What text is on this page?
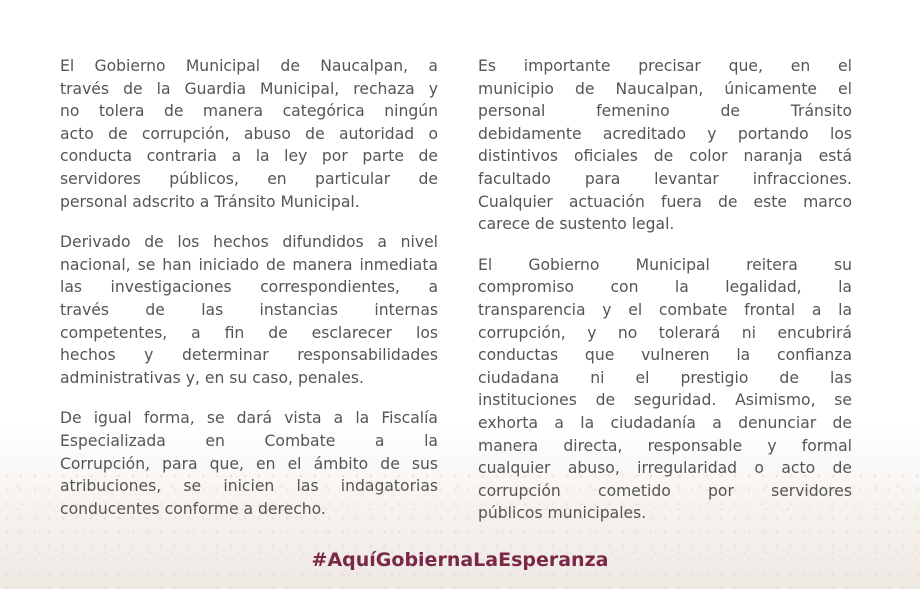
El Gobierno Municipal de Naucalpan, a
través de la Guardia Municipal, rechaza y
no tolera de manera categórica ningún
acto de corrupción, abuso de autoridad o
conducta contraria a la ley por parte de
servidores públicos, en particular de
personal adscrito a Tránsito Municipal.
Derivado de los hechos difundidos a nivel
nacional, se han iniciado de manera inmediata
las investigaciones correspondientes, a
través de las instancias internas
competentes, a fin de esclarecer los
hechos y determinar responsabilidades
administrativas y, en su caso, penales.
De igual forma, se dará vista a la Fiscalía
Especializada en Combate a la
Corrupción, para que, en el ámbito de sus
atribuciones, se inicien las indagatorias
conducentes conforme a derecho.
Es importante precisar que, en el
municipio de Naucalpan, únicamente el
personal femenino de Tránsito
debidamente acreditado y portando los
distintivos oficiales de color naranja está
facultado para levantar infracciones.
Cualquier actuación fuera de este marco
carece de sustento legal.
El Gobierno Municipal reitera su
compromiso con la legalidad, la
transparencia y el combate frontal a la
corrupción, y no tolerará ni encubrirá
conductas que vulneren la confianza
ciudadana ni el prestigio de las
instituciones de seguridad. Asimismo, se
exhorta a la ciudadanía a denunciar de
manera directa, responsable y formal
cualquier abuso, irregularidad o acto de
corrupción cometido por servidores
públicos municipales.
#AquíGobiernaLaEsperanza
